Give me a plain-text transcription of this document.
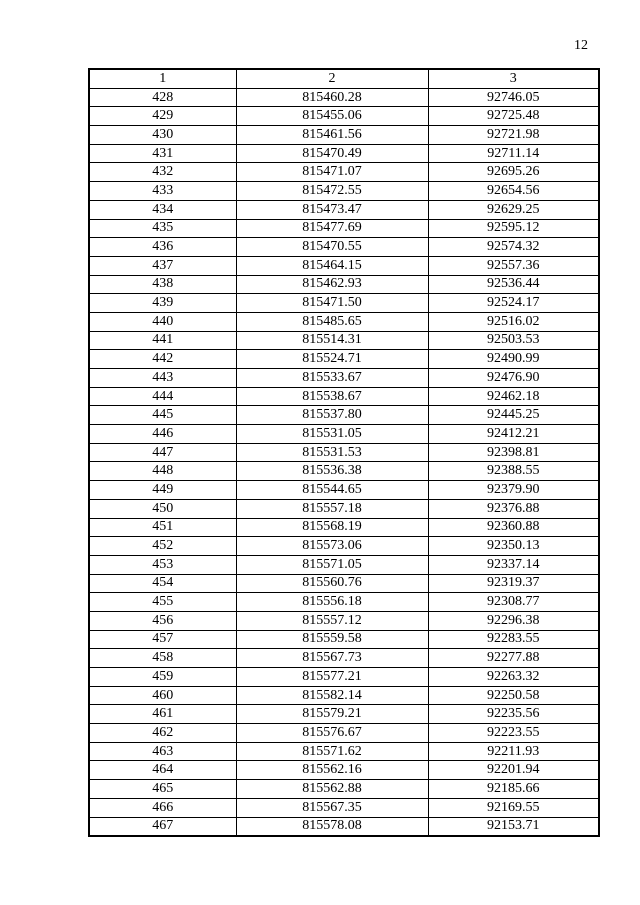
12
1	2	3
428	815460.28	92746.05
429	815455.06	92725.48
430	815461.56	92721.98
431	815470.49	92711.14
432	815471.07	92695.26
433	815472.55	92654.56
434	815473.47	92629.25
435	815477.69	92595.12
436	815470.55	92574.32
437	815464.15	92557.36
438	815462.93	92536.44
439	815471.50	92524.17
440	815485.65	92516.02
441	815514.31	92503.53
442	815524.71	92490.99
443	815533.67	92476.90
444	815538.67	92462.18
445	815537.80	92445.25
446	815531.05	92412.21
447	815531.53	92398.81
448	815536.38	92388.55
449	815544.65	92379.90
450	815557.18	92376.88
451	815568.19	92360.88
452	815573.06	92350.13
453	815571.05	92337.14
454	815560.76	92319.37
455	815556.18	92308.77
456	815557.12	92296.38
457	815559.58	92283.55
458	815567.73	92277.88
459	815577.21	92263.32
460	815582.14	92250.58
461	815579.21	92235.56
462	815576.67	92223.55
463	815571.62	92211.93
464	815562.16	92201.94
465	815562.88	92185.66
466	815567.35	92169.55
467	815578.08	92153.71
